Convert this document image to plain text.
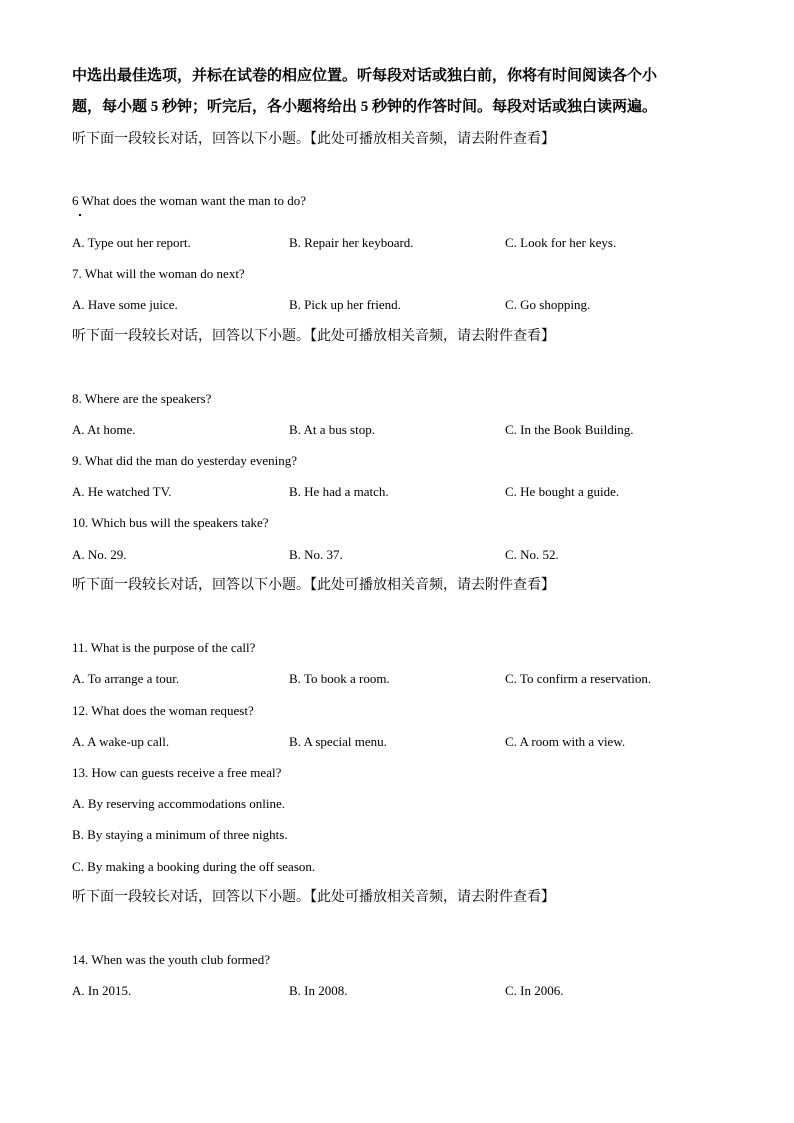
中选出最佳选项，并标在试卷的相应位置。听每段对话或独白前，你将有时间阅读各个小
题，每小题 5 秒钟；听完后，各小题将给出 5 秒钟的作答时间。每段对话或独白读两遍。
听下面一段较长对话，回答以下小题。【此处可播放相关音频，请去附件查看】
6 What does the woman want the man to do?
A. Type out her report.	B. Repair her keyboard.	C. Look for her keys.
7. What will the woman do next?
A. Have some juice.	B. Pick up her friend.	C. Go shopping.
听下面一段较长对话，回答以下小题。【此处可播放相关音频，请去附件查看】
8. Where are the speakers?
A. At home.	B. At a bus stop.	C. In the Book Building.
9. What did the man do yesterday evening?
A. He watched TV.	B. He had a match.	C. He bought a guide.
10. Which bus will the speakers take?
A. No. 29.	B. No. 37.	C. No. 52.
听下面一段较长对话，回答以下小题。【此处可播放相关音频，请去附件查看】
11. What is the purpose of the call?
A. To arrange a tour.	B. To book a room.	C. To confirm a reservation.
12. What does the woman request?
A. A wake-up call.	B. A special menu.	C. A room with a view.
13. How can guests receive a free meal?
A. By reserving accommodations online.
B. By staying a minimum of three nights.
C. By making a booking during the off season.
听下面一段较长对话，回答以下小题。【此处可播放相关音频，请去附件查看】
14. When was the youth club formed?
A. In 2015.	B. In 2008.	C. In 2006.
